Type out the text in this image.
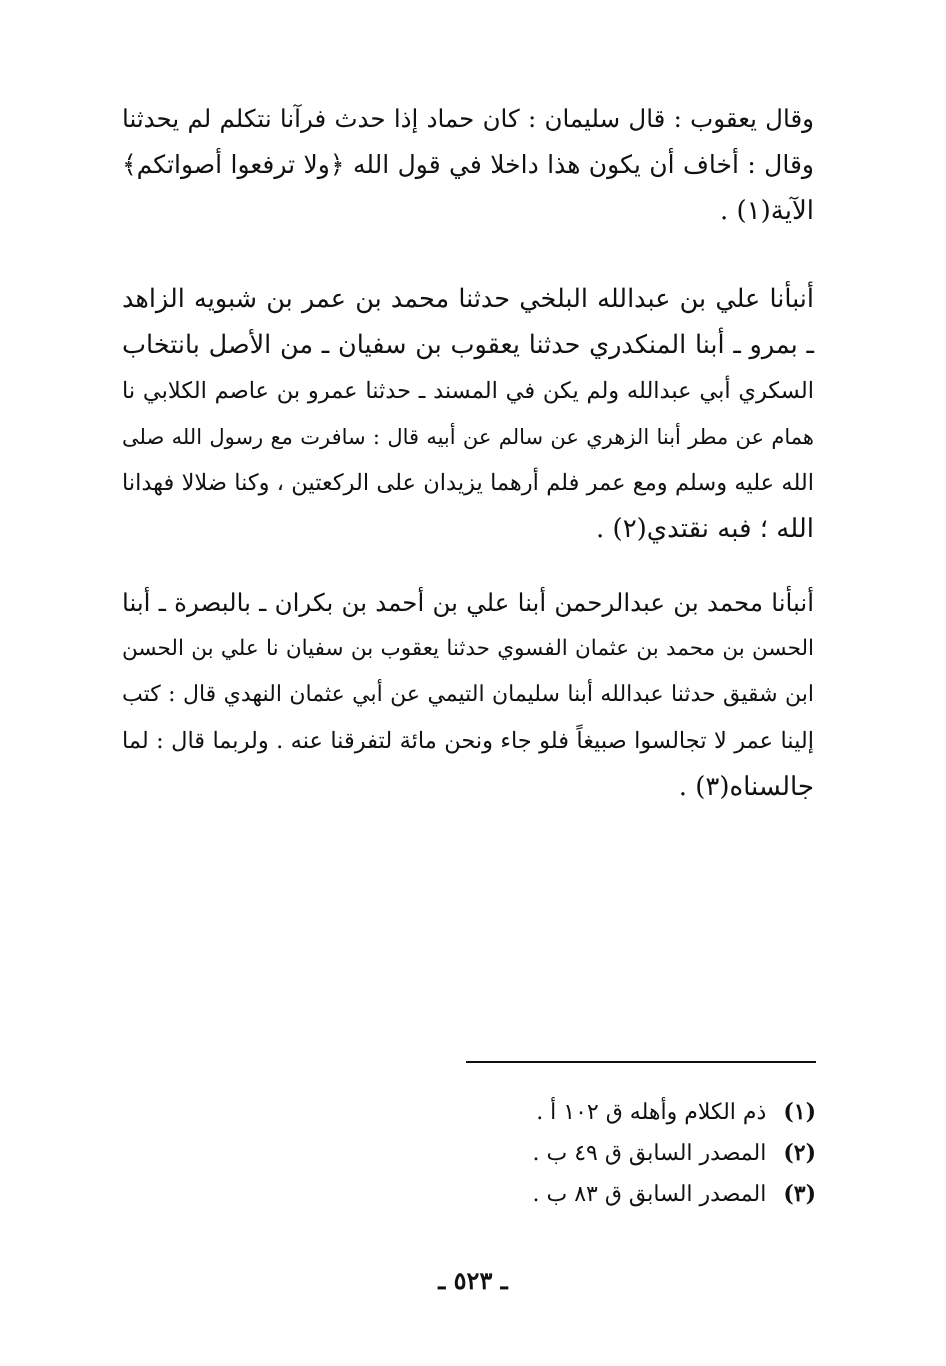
وقال يعقوب : قال سليمان : كان حماد إذا حدث فرآنا نتكلم لم يحدثنا
وقال : أخاف أن يكون هذا داخلا في قول الله ﴿ولا ترفعوا أصواتكم﴾
الآية(١) .
أنبأنا علي بن عبدالله البلخي حدثنا محمد بن عمر بن شبويه الزاهد
ـ بمرو ـ أبنا المنكدري حدثنا يعقوب بن سفيان ـ من الأصل بانتخاب
السكري أبي عبدالله ولم يكن في المسند ـ حدثنا عمرو بن عاصم الكلابي نا
همام عن مطر أبنا الزهري عن سالم عن أبيه قال : سافرت مع رسول الله صلى
الله عليه وسلم ومع عمر فلم أرهما يزيدان على الركعتين ، وكنا ضلالا فهدانا
الله ؛ فبه نقتدي(٢) .
أنبأنا محمد بن عبدالرحمن أبنا علي بن أحمد بن بكران ـ بالبصرة ـ أبنا
الحسن بن محمد بن عثمان الفسوي حدثنا يعقوب بن سفيان نا علي بن الحسن
ابن شقيق حدثنا عبدالله أبنا سليمان التيمي عن أبي عثمان النهدي قال : كتب
إلينا عمر لا تجالسوا صبيغاً فلو جاء ونحن مائة لتفرقنا عنه . ولربما قال : لما
جالسناه(٣) .
(١) ذم الكلام وأهله ق ١٠٢ أ .
(٢) المصدر السابق ق ٤٩ ب .
(٣) المصدر السابق ق ٨٣ ب .
ـ ٥٢٣ ـ
